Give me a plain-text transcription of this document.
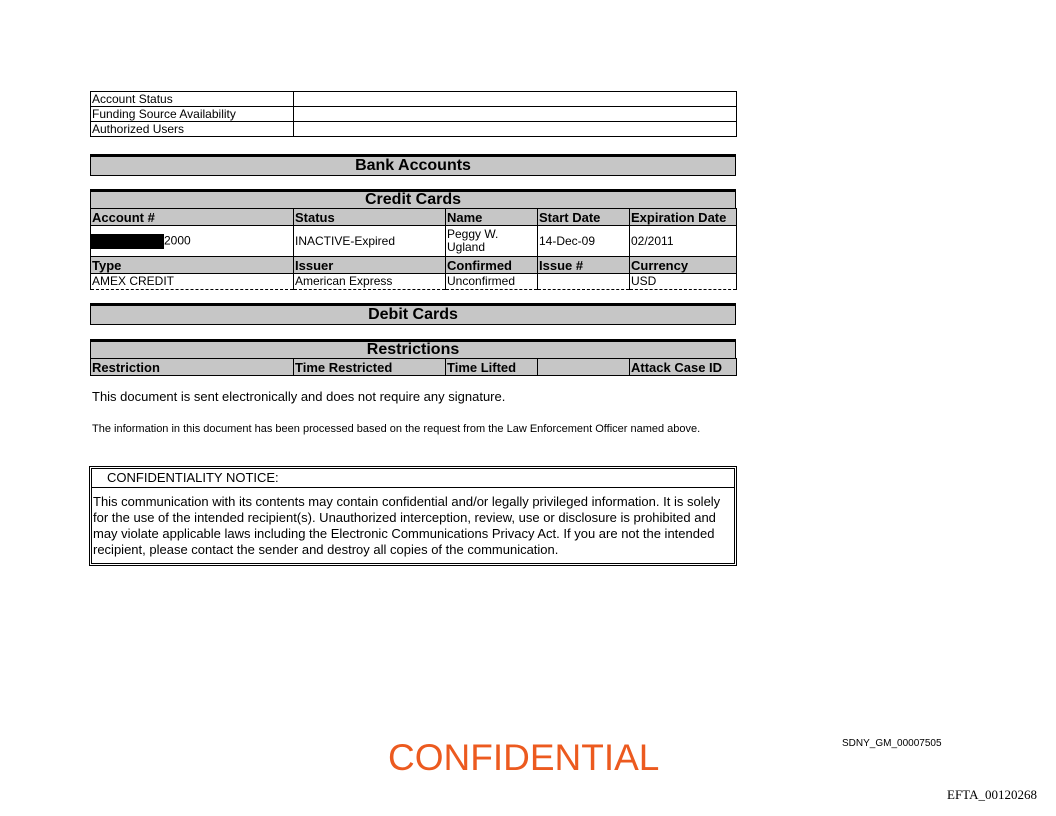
Account Status	
Funding Source Availability	
Authorized Users	
Bank Accounts
Credit Cards
Account #	Status	Name	Start Date	Expiration Date
2000	INACTIVE-Expired	Peggy W. Ugland	14-Dec-09	02/2011
Type	Issuer	Confirmed	Issue #	Currency
AMEX CREDIT	American Express	Unconfirmed		USD
Debit Cards
Restrictions
Restriction	Time Restricted	Time Lifted		Attack Case ID
This document is sent electronically and does not require any signature.
The information in this document has been processed based on the request from the Law Enforcement Officer named above.
CONFIDENTIALITY NOTICE:
This communication with its contents may contain confidential and/or legally privileged information. It is solely for the use of the intended recipient(s). Unauthorized interception, review, use or disclosure is prohibited and may violate applicable laws including the Electronic Communications Privacy Act. If you are not the intended recipient, please contact the sender and destroy all copies of the communication.
CONFIDENTIAL	SDNY_GM_00007505
EFTA_00120268
